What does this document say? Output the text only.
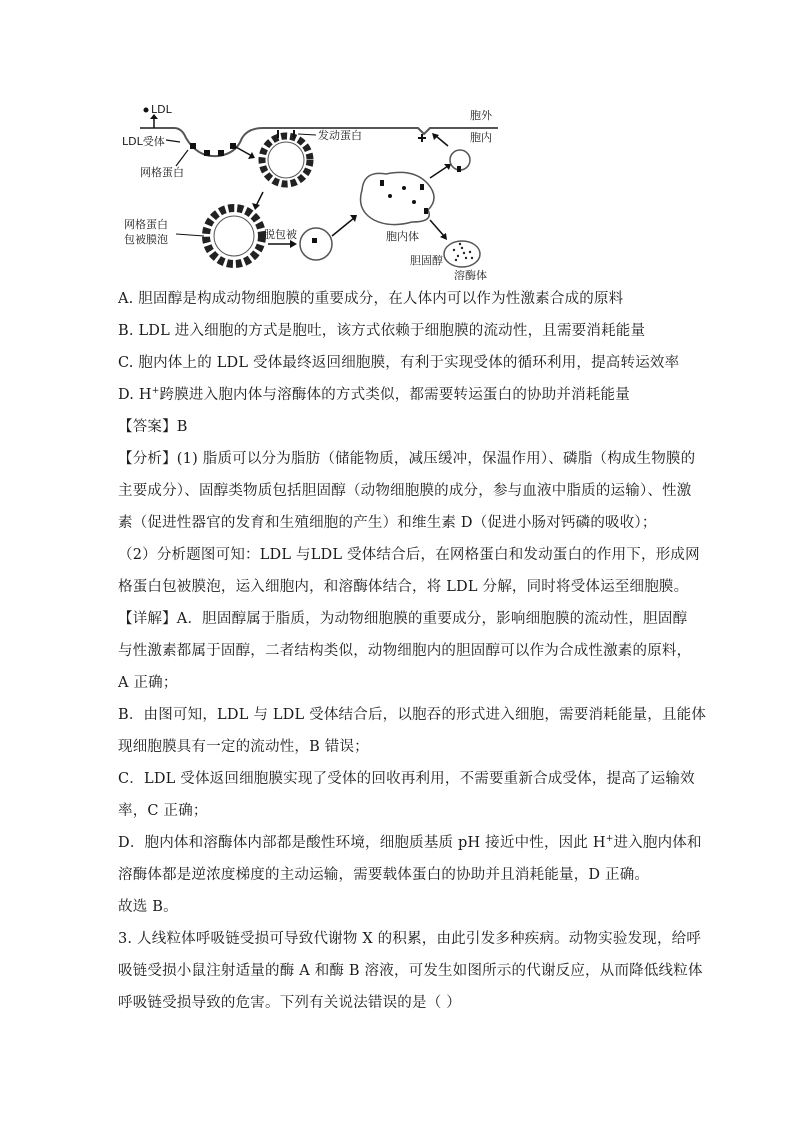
LDL
LDL受体
网格蛋白
发动蛋白
网格蛋白
包被膜泡	脱包被	胞内体
胞外
胞内
胆固醇
溶酶体
A. 胆固醇是构成动物细胞膜的重要成分，在人体内可以作为性激素合成的原料
B. LDL 进入细胞的方式是胞吐，该方式依赖于细胞膜的流动性，且需要消耗能量
C. 胞内体上的 LDL 受体最终返回细胞膜，有利于实现受体的循环利用，提高转运效率
D. H+跨膜进入胞内体与溶酶体的方式类似，都需要转运蛋白的协助并消耗能量
【答案】B
【分析】(1) 脂质可以分为脂肪（储能物质，减压缓冲，保温作用）、磷脂（构成生物膜的
主要成分）、固醇类物质包括胆固醇（动物细胞膜的成分，参与血液中脂质的运输）、性激
素（促进性器官的发育和生殖细胞的产生）和维生素 D（促进小肠对钙磷的吸收）；
（2）分析题图可知：LDL 与LDL 受体结合后，在网格蛋白和发动蛋白的作用下，形成网
格蛋白包被膜泡，运入细胞内，和溶酶体结合，将 LDL 分解，同时将受体运至细胞膜。
【详解】A．胆固醇属于脂质，为动物细胞膜的重要成分，影响细胞膜的流动性，胆固醇
与性激素都属于固醇，二者结构类似，动物细胞内的胆固醇可以作为合成性激素的原料，
A 正确；
B．由图可知，LDL 与 LDL 受体结合后，以胞吞的形式进入细胞，需要消耗能量，且能体
现细胞膜具有一定的流动性，B 错误；
C．LDL 受体返回细胞膜实现了受体的回收再利用，不需要重新合成受体，提高了运输效
率，C 正确；
D．胞内体和溶酶体内部都是酸性环境，细胞质基质 pH 接近中性，因此 H+进入胞内体和
溶酶体都是逆浓度梯度的主动运输，需要载体蛋白的协助并且消耗能量，D 正确。
故选 B。
3. 人线粒体呼吸链受损可导致代谢物 X 的积累，由此引发多种疾病。动物实验发现，给呼
吸链受损小鼠注射适量的酶 A 和酶 B 溶液，可发生如图所示的代谢反应，从而降低线粒体
呼吸链受损导致的危害。下列有关说法错误的是（ ）
